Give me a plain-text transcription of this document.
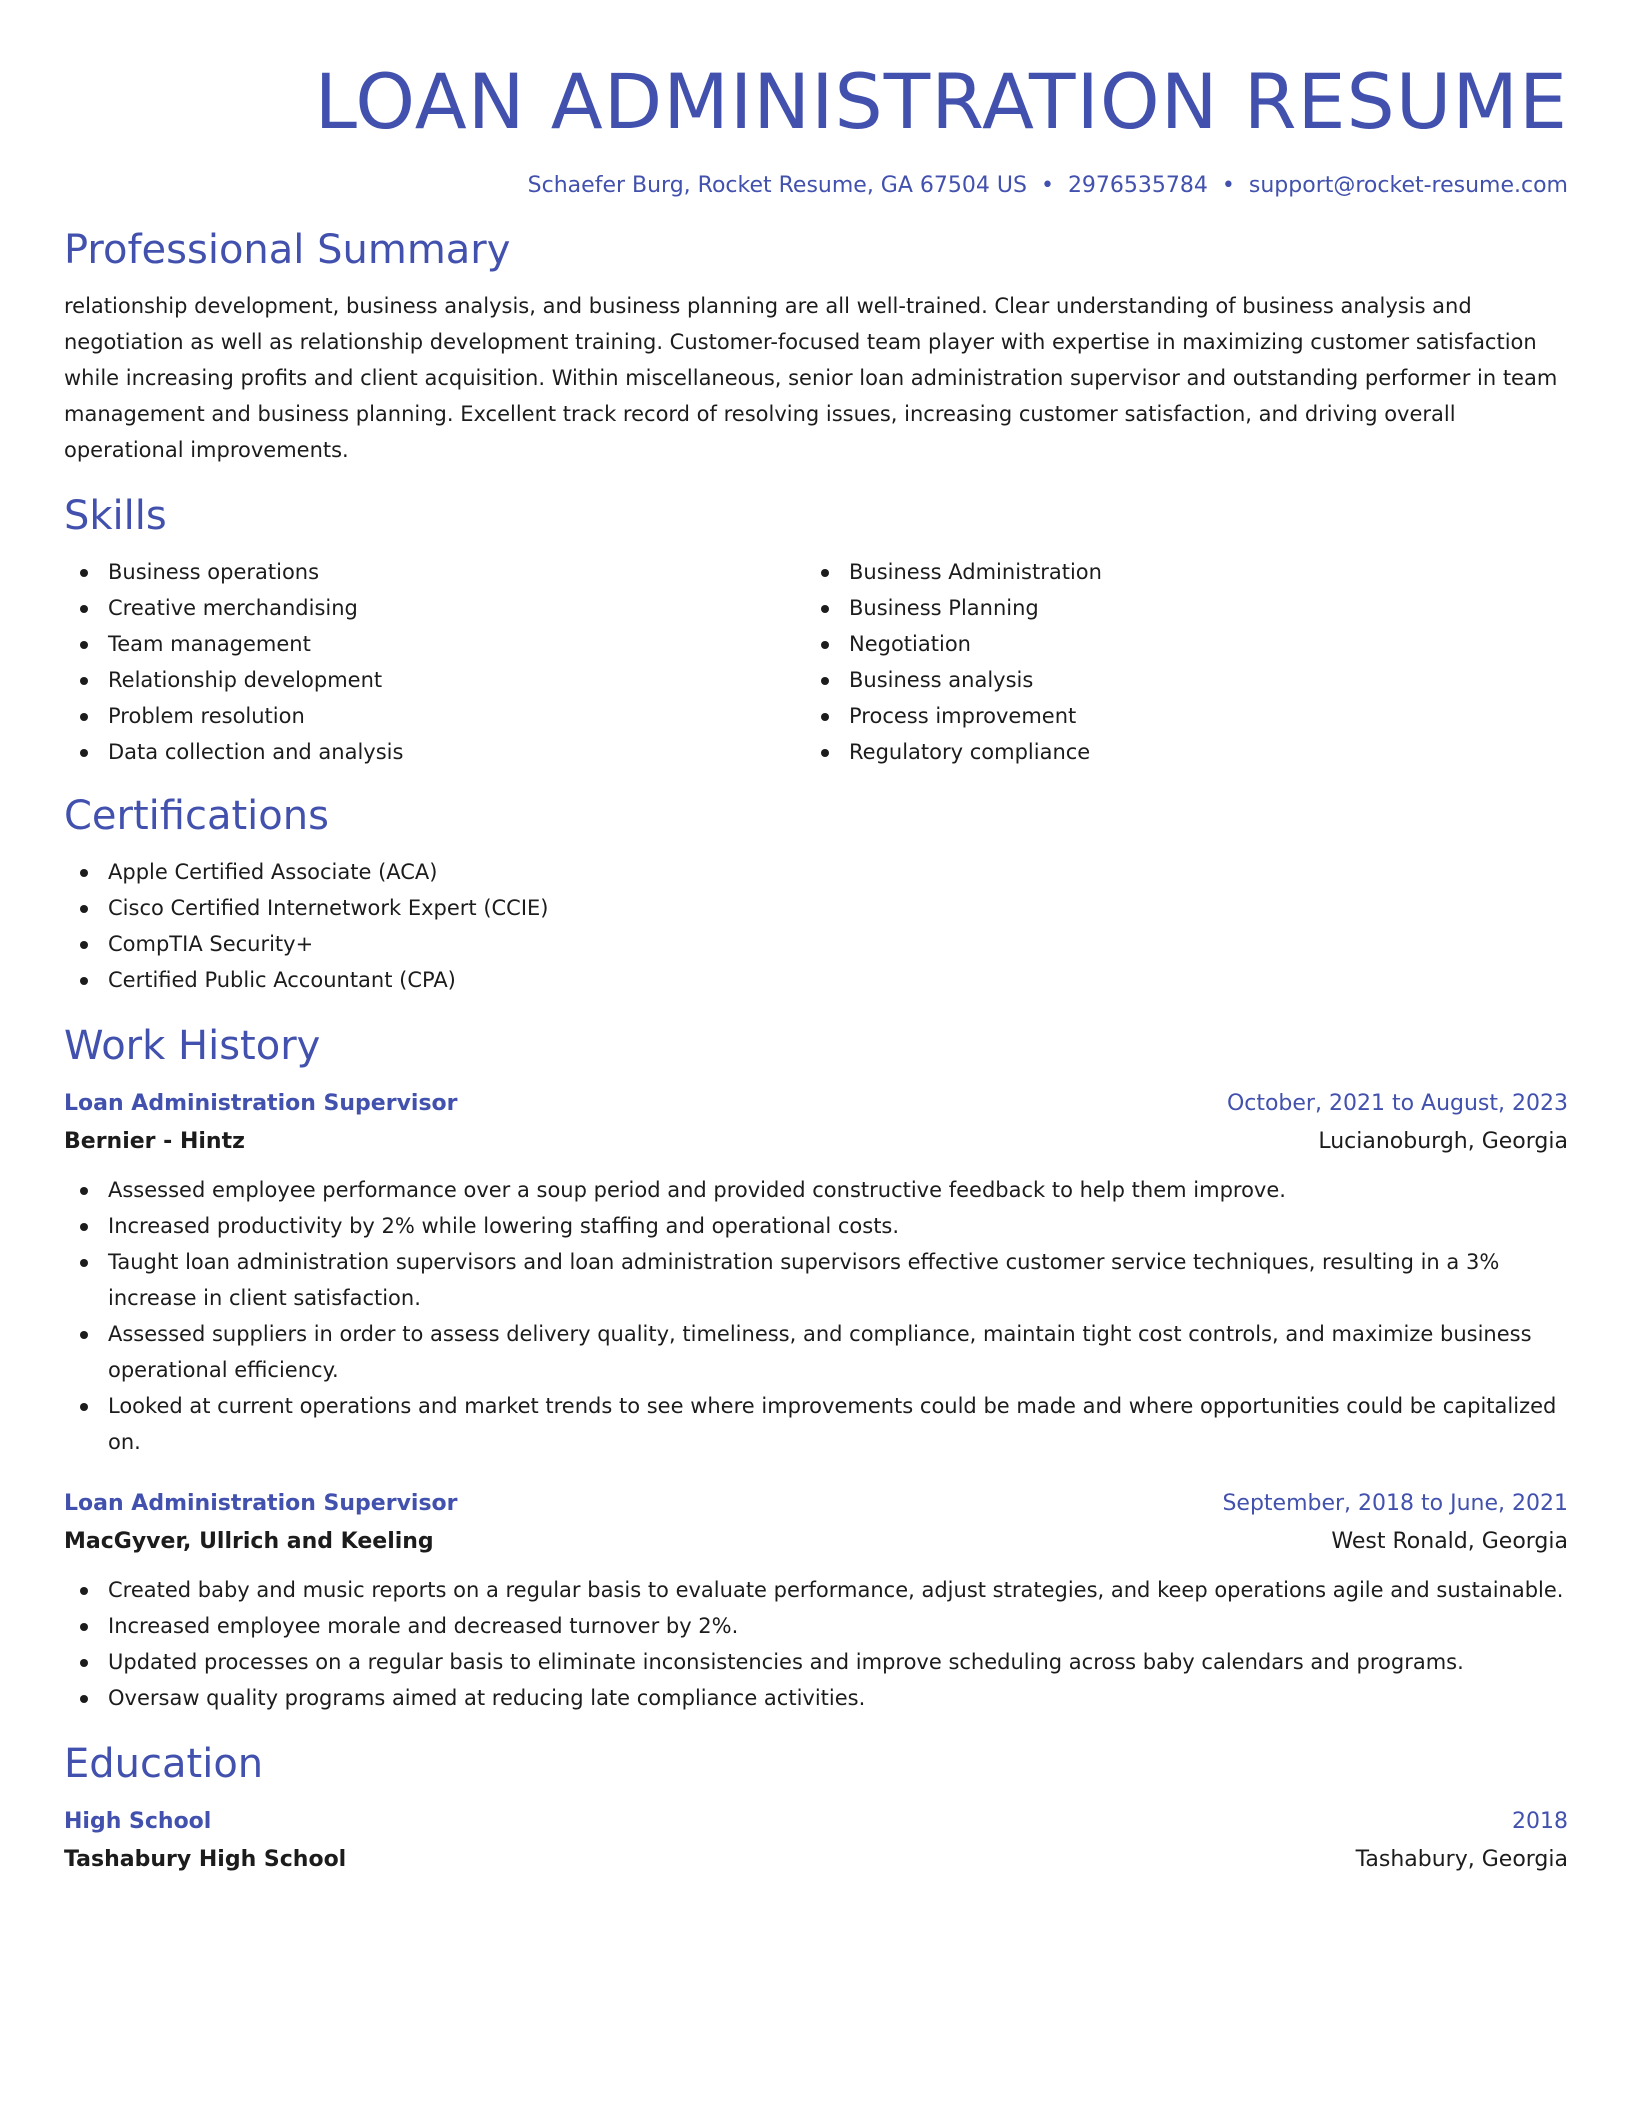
LOAN ADMINISTRATION RESUME
Schaefer Burg, Rocket Resume, GA 67504 US • 2976535784 • support@rocket-resume.com
Professional Summary

relationship development, business analysis, and business planning are all well-trained. Clear understanding of business analysis and negotiation as well as relationship development training. Customer-focused team player with expertise in maximizing customer satisfaction while increasing profits and client acquisition. Within miscellaneous, senior loan administration supervisor and outstanding performer in team management and business planning. Excellent track record of resolving issues, increasing customer satisfaction, and driving overall operational improvements.

Skills
Business operations
Creative merchandising
Team management
Relationship development
Problem resolution
Data collection and analysis
Business Administration
Business Planning
Negotiation
Business analysis
Process improvement
Regulatory compliance
Certifications
Apple Certified Associate (ACA)
Cisco Certified Internetwork Expert (CCIE)
CompTIA Security+
Certified Public Accountant (CPA)
Work History
Loan Administration Supervisor	October, 2021 to August, 2023
Bernier - Hintz	Lucianoburgh, Georgia
Assessed employee performance over a soup period and provided constructive feedback to help them improve.
Increased productivity by 2% while lowering staffing and operational costs.
Taught loan administration supervisors and loan administration supervisors effective customer service techniques, resulting in a 3% increase in client satisfaction.
Assessed suppliers in order to assess delivery quality, timeliness, and compliance, maintain tight cost controls, and maximize business operational efficiency.
Looked at current operations and market trends to see where improvements could be made and where opportunities could be capitalized on.
Loan Administration Supervisor	September, 2018 to June, 2021
MacGyver, Ullrich and Keeling	West Ronald, Georgia
Created baby and music reports on a regular basis to evaluate performance, adjust strategies, and keep operations agile and sustainable.
Increased employee morale and decreased turnover by 2%.
Updated processes on a regular basis to eliminate inconsistencies and improve scheduling across baby calendars and programs.
Oversaw quality programs aimed at reducing late compliance activities.
Education
High School	2018
Tashabury High School	Tashabury, Georgia
